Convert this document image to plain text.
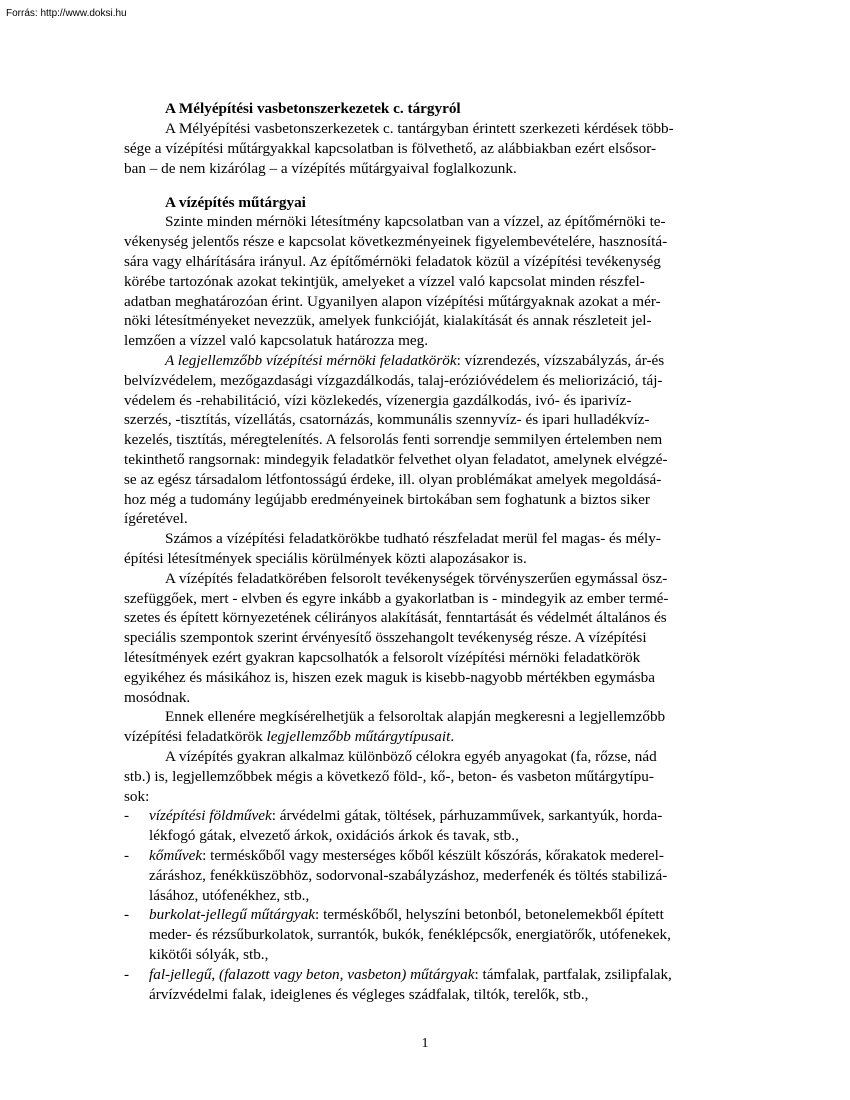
Forrás: http://www.doksi.hu
A Mélyépítési vasbetonszerkezetek c. tárgyról
A Mélyépítési vasbetonszerkezetek c. tantárgyban érintett szerkezeti kérdések több-
sége a vízépítési műtárgyakkal kapcsolatban is fölvethető, az alábbiakban ezért elsősor-
ban – de nem kizárólag – a vízépítés műtárgyaival foglalkozunk.
A vízépítés műtárgyai
Szinte minden mérnöki létesítmény kapcsolatban van a vízzel, az építőmérnöki te-
vékenység jelentős része e kapcsolat következményeinek figyelembevételére, hasznosítá-
sára vagy elhárítására irányul. Az építőmérnöki feladatok közül a vízépítési tevékenység
körébe tartozónak azokat tekintjük, amelyeket a vízzel való kapcsolat minden részfel-
adatban meghatározóan érint. Ugyanilyen alapon vízépítési műtárgyaknak azokat a mér-
nöki létesítményeket nevezzük, amelyek funkcióját, kialakítását és annak részleteit jel-
lemzően a vízzel való kapcsolatuk határozza meg.
A legjellemzőbb vízépítési mérnöki feladatkörök: vízrendezés, vízszabályzás, ár-és
belvízvédelem, mezőgazdasági vízgazdálkodás, talaj-erózióvédelem és meliorizáció, táj-
védelem és -rehabilitáció, vízi közlekedés, vízenergia gazdálkodás, ivó- és iparivíz-
szerzés, -tisztítás, vízellátás, csatornázás, kommunális szennyvíz- és ipari hulladékvíz-
kezelés, tisztítás, méregtelenítés. A felsorolás fenti sorrendje semmilyen értelemben nem
tekinthető rangsornak: mindegyik feladatkör felvethet olyan feladatot, amelynek elvégzé-
se az egész társadalom létfontosságú érdeke, ill. olyan problémákat amelyek megoldásá-
hoz még a tudomány legújabb eredményeinek birtokában sem foghatunk a biztos siker
ígéretével.
Számos a vízépítési feladatkörökbe tudható részfeladat merül fel magas- és mély-
építési létesítmények speciális körülmények közti alapozásakor is.
A vízépítés feladatkörében felsorolt tevékenységek törvényszerűen egymással ösz-
szefüggőek, mert - elvben és egyre inkább a gyakorlatban is - mindegyik az ember termé-
szetes és épített környezetének célirányos alakítását, fenntartását és védelmét általános és
speciális szempontok szerint érvényesítő összehangolt tevékenység része. A vízépítési
létesítmények ezért gyakran kapcsolhatók a felsorolt vízépítési mérnöki feladatkörök
egyikéhez és másikához is, hiszen ezek maguk is kisebb-nagyobb mértékben egymásba
mosódnak.
Ennek ellenére megkísérelhetjük a felsoroltak alapján megkeresni a legjellemzőbb
vízépítési feladatkörök legjellemzőbb műtárgytípusait.
A vízépítés gyakran alkalmaz különböző célokra egyéb anyagokat (fa, rőzse, nád
stb.) is, legjellemzőbbek mégis a következő föld-, kő-, beton- és vasbeton műtárgytípu-
sok:
- vízépítési földművek: árvédelmi gátak, töltések, párhuzamművek, sarkantyúk, horda-
lékfogó gátak, elvezető árkok, oxidációs árkok és tavak, stb.,
- kőművek: terméskőből vagy mesterséges kőből készült kőszórás, kőrakatok mederel-
záráshoz, fenékküszöbhöz, sodorvonal-szabályzáshoz, mederfenék és töltés stabilizá-
lásához, utófenékhez, stb.,
- burkolat-jellegű műtárgyak: terméskőből, helyszíni betonból, betonelemekből épített
meder- és rézsűburkolatok, surrantók, bukók, fenéklépcsők, energiatörők, utófenekek,
kikötői sólyák, stb.,
- fal-jellegű, (falazott vagy beton, vasbeton) műtárgyak: támfalak, partfalak, zsilipfalak,
árvízvédelmi falak, ideiglenes és végleges szádfalak, tiltók, terelők, stb.,
1
